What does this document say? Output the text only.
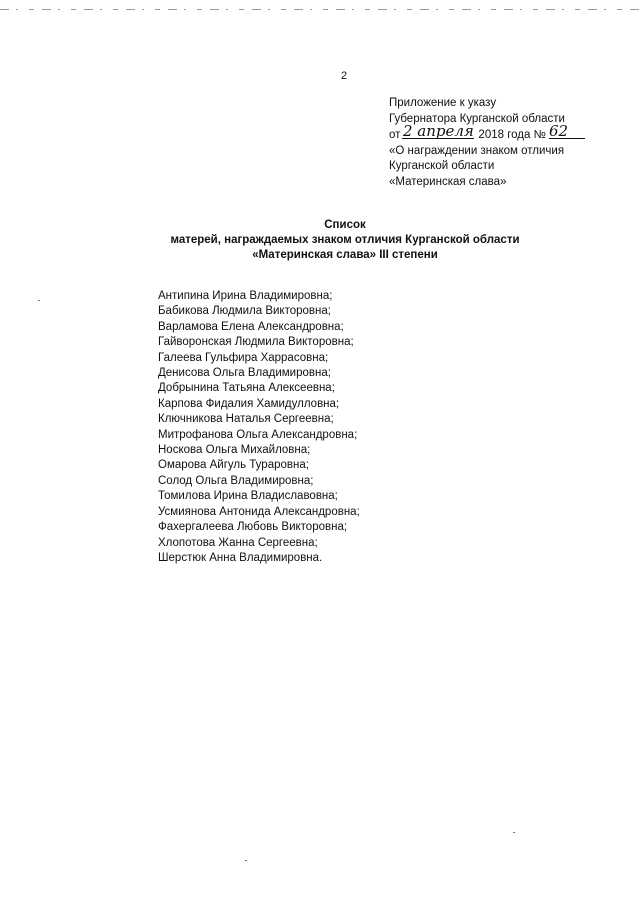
2
Приложение к указу
Губернатора Курганской области
от 2 апреля 2018 года № 62
«О награждении знаком отличия
Курганской области
«Материнская слава»
Список
матерей, награждаемых знаком отличия Курганской области
«Материнская слава» III степени
Антипина Ирина Владимировна;
Бабикова Людмила Викторовна;
Варламова Елена Александровна;
Гайворонская Людмила Викторовна;
Галеева Гульфира Харрасовна;
Денисова Ольга Владимировна;
Добрынина Татьяна Алексеевна;
Карпова Фидалия Хамидулловна;
Ключникова Наталья Сергеевна;
Митрофанова Ольга Александровна;
Носкова Ольга Михайловна;
Омарова Айгуль Тураровна;
Солод Ольга Владимировна;
Томилова Ирина Владиславовна;
Усмиянова Антонида Александровна;
Фахергалеева Любовь Викторовна;
Хлопотова Жанна Сергеевна;
Шерстюк Анна Владимировна.
